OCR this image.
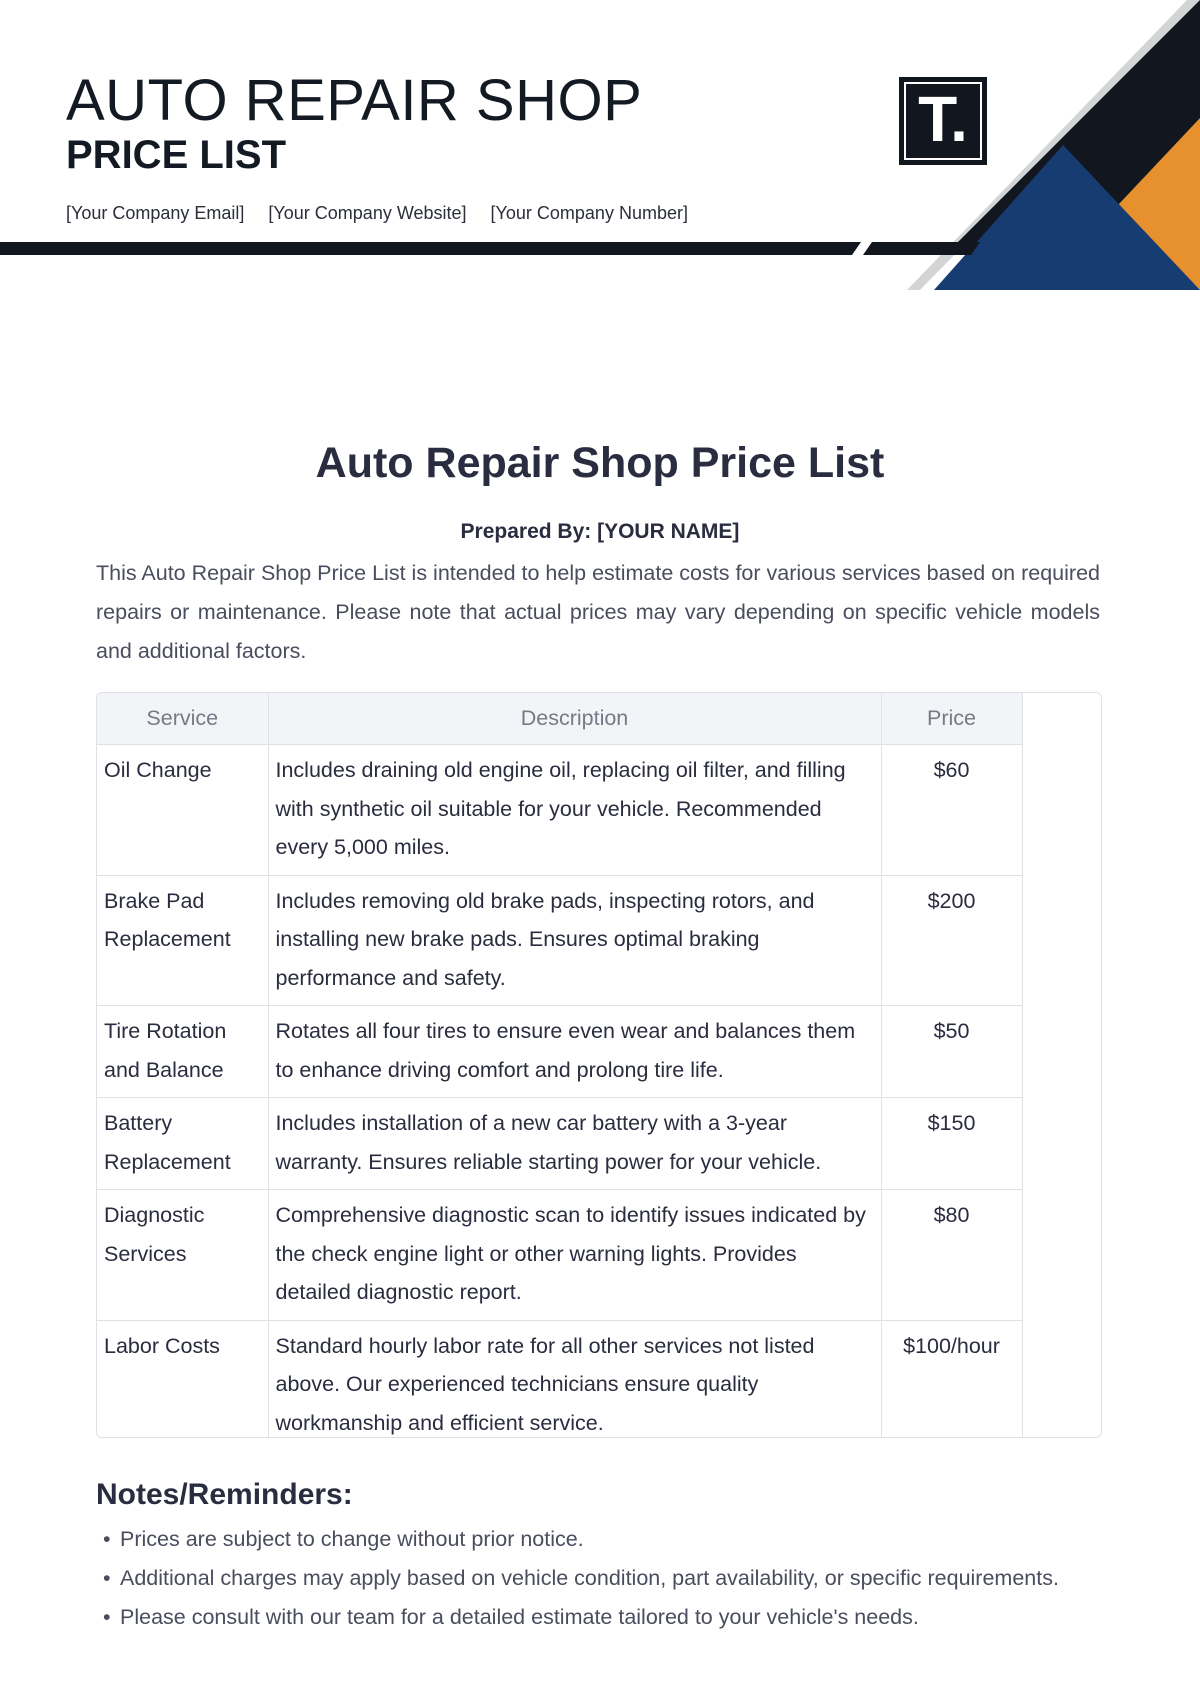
AUTO REPAIR SHOP
PRICE LIST
[Your Company Email] [Your Company Website] [Your Company Number]
T.
Auto Repair Shop Price List
Prepared By: [YOUR NAME]
This Auto Repair Shop Price List is intended to help estimate costs for various services based on required repairs or maintenance. Please note that actual prices may vary depending on specific vehicle models and additional factors.
Service	Description	Price
Oil Change	Includes draining old engine oil, replacing oil filter, and filling with synthetic oil suitable for your vehicle. Recommended every 5,000 miles.	$60
Brake Pad Replacement	Includes removing old brake pads, inspecting rotors, and installing new brake pads. Ensures optimal braking performance and safety.	$200
Tire Rotation and Balance	Rotates all four tires to ensure even wear and balances them to enhance driving comfort and prolong tire life.	$50
Battery Replacement	Includes installation of a new car battery with a 3-year warranty. Ensures reliable starting power for your vehicle.	$150
Diagnostic Services	Comprehensive diagnostic scan to identify issues indicated by the check engine light or other warning lights. Provides detailed diagnostic report.	$80
Labor Costs	Standard hourly labor rate for all other services not listed above. Our experienced technicians ensure quality workmanship and efficient service.	$100/hour
Notes/Reminders:
• Prices are subject to change without prior notice.
• Additional charges may apply based on vehicle condition, part availability, or specific requirements.
• Please consult with our team for a detailed estimate tailored to your vehicle's needs.
